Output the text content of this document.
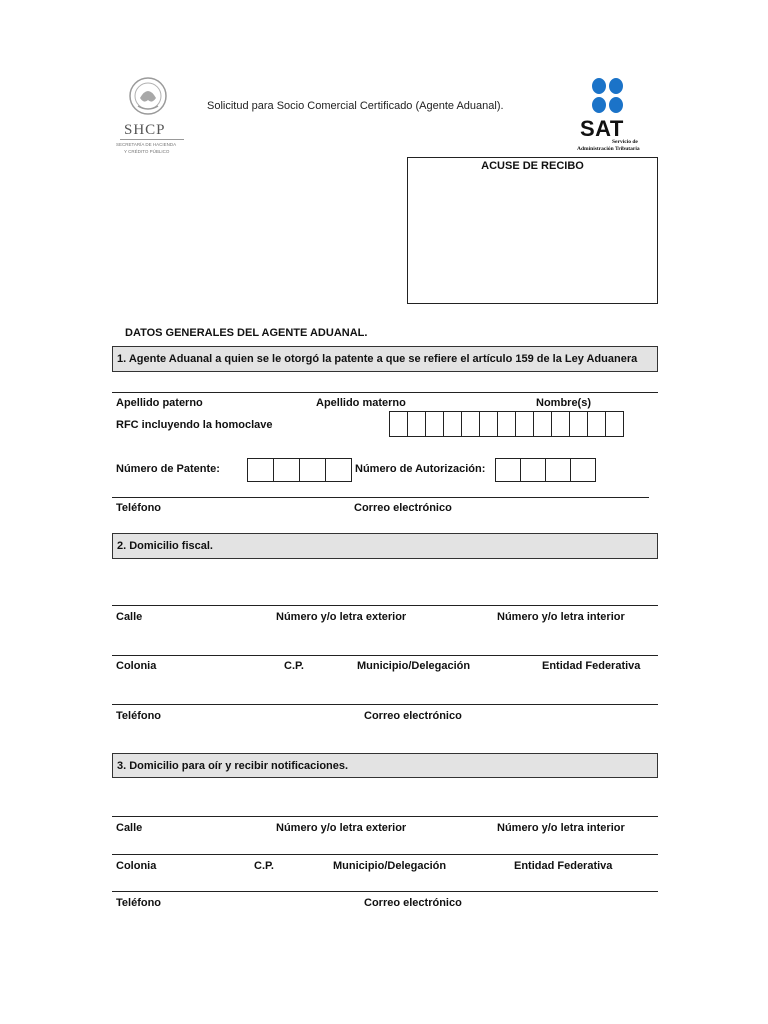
SHCP
SECRETARÍA DE HACIENDA
Y CRÉDITO PÚBLICO
Solicitud para Socio Comercial Certificado (Agente Aduanal).
SAT
Servicio de
Administración Tributaria
ACUSE DE RECIBO
DATOS GENERALES DEL AGENTE ADUANAL.
1. Agente Aduanal a quien se le otorgó la patente a que se refiere el artículo 159 de la Ley Aduanera
Apellido paterno	Apellido materno	Nombre(s)
RFC incluyendo la homoclave
Número de Patente:	Número de Autorización:
Teléfono	Correo electrónico
2. Domicilio fiscal.
Calle	Número y/o letra exterior	Número y/o letra interior
Colonia	C.P.	Municipio/Delegación	Entidad Federativa
Teléfono	Correo electrónico
3. Domicilio para oír y recibir notificaciones.
Calle	Número y/o letra exterior	Número y/o letra interior
Colonia	C.P.	Municipio/Delegación	Entidad Federativa
Teléfono	Correo electrónico
